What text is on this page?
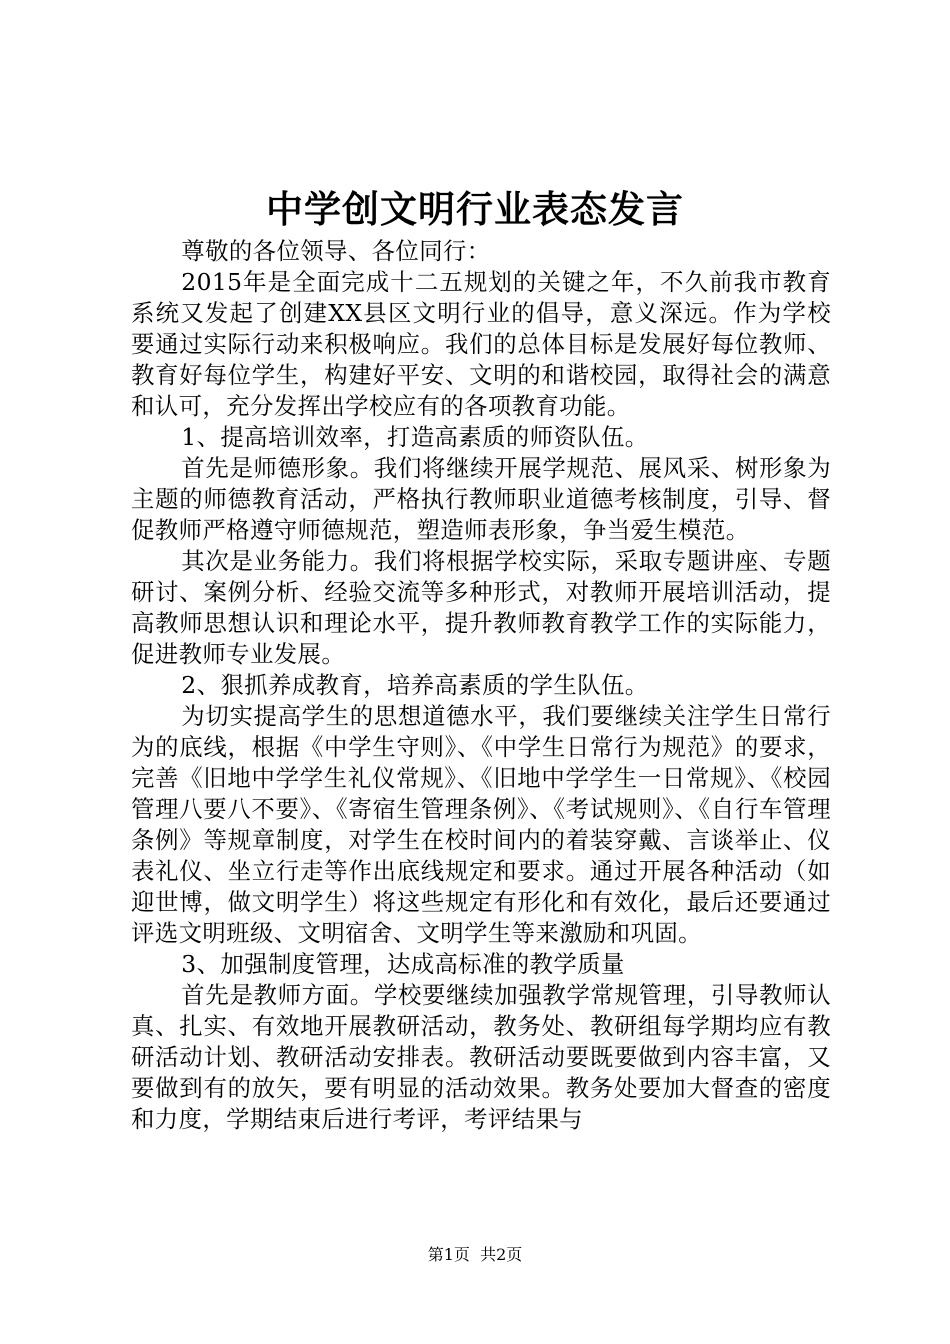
中学创文明行业表态发言

尊敬的各位领导、各位同行：

2015年是全面完成十二五规划的关键之年，不久前我市教育系统又发起了创建XX县区文明行业的倡导，意义深远。作为学校要通过实际行动来积极响应。我们的总体目标是发展好每位教师、教育好每位学生，构建好平安、文明的和谐校园，取得社会的满意和认可，充分发挥出学校应有的各项教育功能。

1、提高培训效率，打造高素质的师资队伍。

首先是师德形象。我们将继续开展学规范、展风采、树形象为主题的师德教育活动，严格执行教师职业道德考核制度，引导、督促教师严格遵守师德规范，塑造师表形象，争当爱生模范。

其次是业务能力。我们将根据学校实际，采取专题讲座、专题研讨、案例分析、经验交流等多种形式，对教师开展培训活动，提高教师思想认识和理论水平，提升教师教育教学工作的实际能力，促进教师专业发展。

2、狠抓养成教育，培养高素质的学生队伍。

为切实提高学生的思想道德水平，我们要继续关注学生日常行为的底线，根据《中学生守则》、《中学生日常行为规范》的要求，完善《旧地中学学生礼仪常规》、《旧地中学学生一日常规》、《校园管理八要八不要》、《寄宿生管理条例》、《考试规则》、《自行车管理条例》等规章制度，对学生在校时间内的着装穿戴、言谈举止、仪表礼仪、坐立行走等作出底线规定和要求。通过开展各种活动（如迎世博，做文明学生）将这些规定有形化和有效化，最后还要通过评选文明班级、文明宿舍、文明学生等来激励和巩固。

3、加强制度管理，达成高标准的教学质量

首先是教师方面。学校要继续加强教学常规管理，引导教师认真、扎实、有效地开展教研活动，教务处、教研组每学期均应有教研活动计划、教研活动安排表。教研活动要既要做到内容丰富，又要做到有的放矢，要有明显的活动效果。教务处要加大督查的密度和力度，学期结束后进行考评，考评结果与

第1页 共2页
